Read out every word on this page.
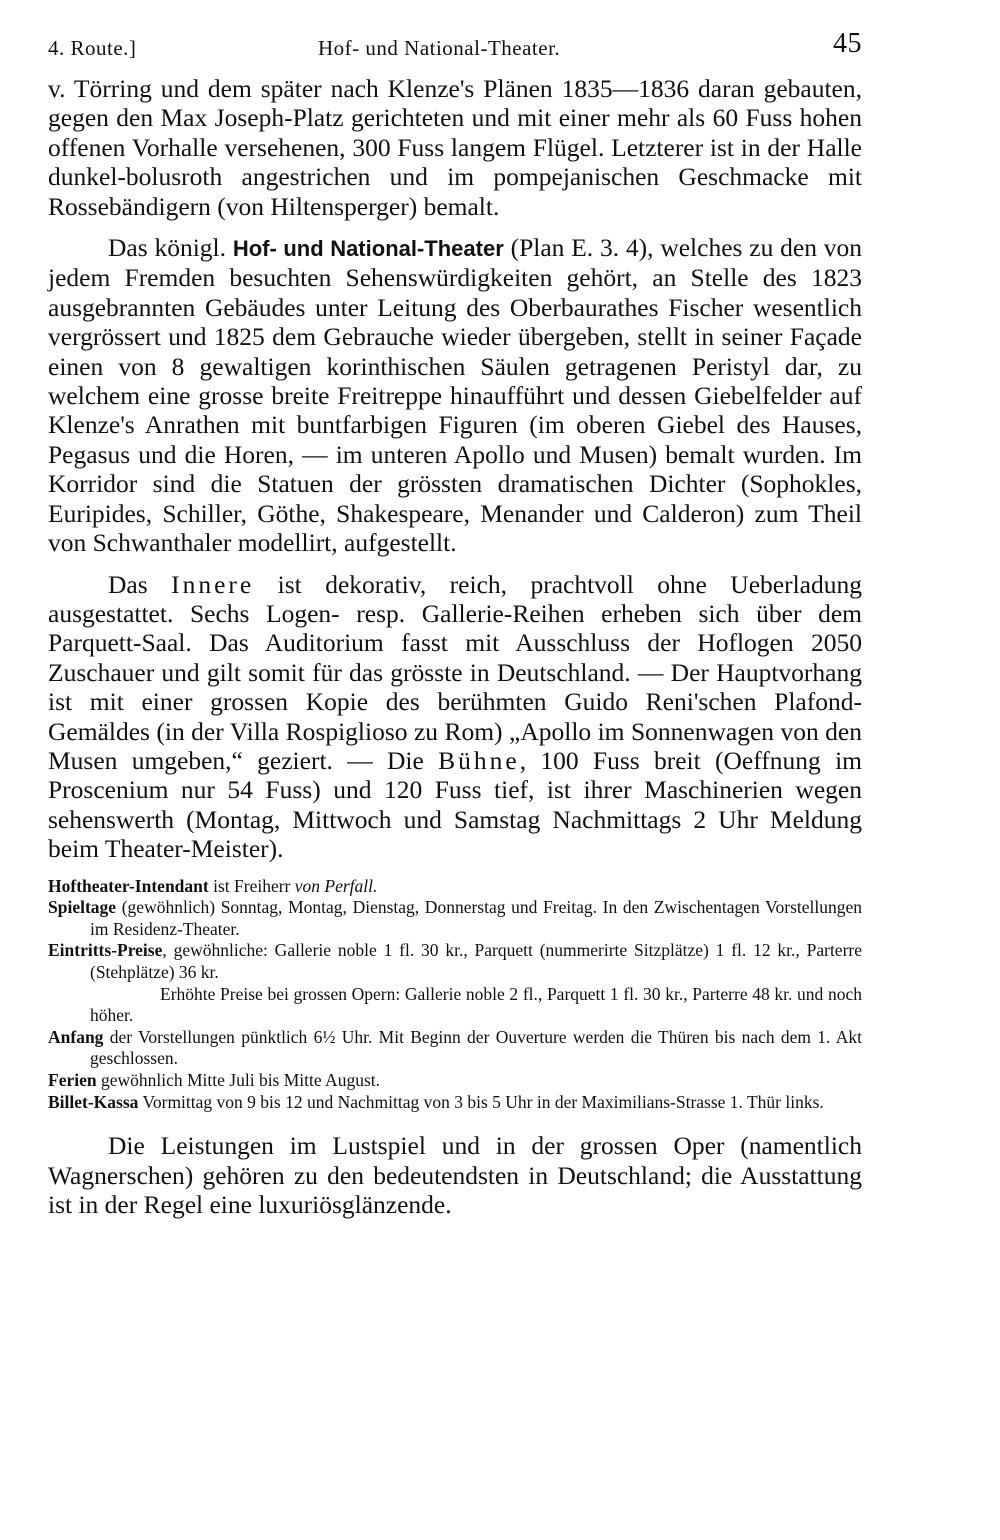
4. Route.]	Hof- und National-Theater.	45

v. Törring und dem später nach Klenze's Plänen 1835—1836 daran gebauten, gegen den Max Joseph-Platz gerichteten und mit einer mehr als 60 Fuss hohen offenen Vorhalle versehenen, 300 Fuss langem Flügel. Letzterer ist in der Halle dunkel-bolusroth angestrichen und im pompejanischen Geschmacke mit Rossebändigern (von Hiltensperger) bemalt.

Das königl. Hof- und National-Theater (Plan E. 3. 4), welches zu den von jedem Fremden besuchten Sehenswürdigkeiten gehört, an Stelle des 1823 ausgebrannten Gebäudes unter Leitung des Oberbaurathes Fischer wesentlich vergrössert und 1825 dem Gebrauche wieder übergeben, stellt in seiner Façade einen von 8 gewaltigen korinthischen Säulen getragenen Peristyl dar, zu welchem eine grosse breite Freitreppe hinaufführt und dessen Giebelfelder auf Klenze's Anrathen mit buntfarbigen Figuren (im oberen Giebel des Hauses, Pegasus und die Horen, — im unteren Apollo und Musen) bemalt wurden. Im Korridor sind die Statuen der grössten dramatischen Dichter (Sophokles, Euripides, Schiller, Göthe, Shakespeare, Menander und Calderon) zum Theil von Schwanthaler modellirt, aufgestellt.

Das Innere ist dekorativ, reich, prachtvoll ohne Ueberladung ausgestattet. Sechs Logen- resp. Gallerie-Reihen erheben sich über dem Parquett-Saal. Das Auditorium fasst mit Ausschluss der Hoflogen 2050 Zuschauer und gilt somit für das grösste in Deutschland. — Der Hauptvorhang ist mit einer grossen Kopie des berühmten Guido Reni'schen Plafond-Gemäldes (in der Villa Rospiglioso zu Rom) „Apollo im Sonnenwagen von den Musen umgeben,“ geziert. — Die Bühne, 100 Fuss breit (Oeffnung im Proscenium nur 54 Fuss) und 120 Fuss tief, ist ihrer Maschinerien wegen sehenswerth (Montag, Mittwoch und Samstag Nachmittags 2 Uhr Meldung beim Theater-Meister).

Hoftheater-Intendant ist Freiherr von Perfall.

Spieltage (gewöhnlich) Sonntag, Montag, Dienstag, Donnerstag und Freitag. In den Zwischentagen Vorstellungen im Residenz-Theater.

Eintritts-Preise, gewöhnliche: Gallerie noble 1 fl. 30 kr., Parquett (nummerirte Sitzplätze) 1 fl. 12 kr., Parterre (Stehplätze) 36 kr.

Erhöhte Preise bei grossen Opern: Gallerie noble 2 fl., Parquett 1 fl. 30 kr., Parterre 48 kr. und noch höher.

Anfang der Vorstellungen pünktlich 6½ Uhr. Mit Beginn der Ouverture werden die Thüren bis nach dem 1. Akt geschlossen.

Ferien gewöhnlich Mitte Juli bis Mitte August.

Billet-Kassa Vormittag von 9 bis 12 und Nachmittag von 3 bis 5 Uhr in der Maximilians-Strasse 1. Thür links.

Die Leistungen im Lustspiel und in der grossen Oper (namentlich Wagnerschen) gehören zu den bedeutendsten in Deutschland; die Ausstattung ist in der Regel eine luxuriösglänzende.
